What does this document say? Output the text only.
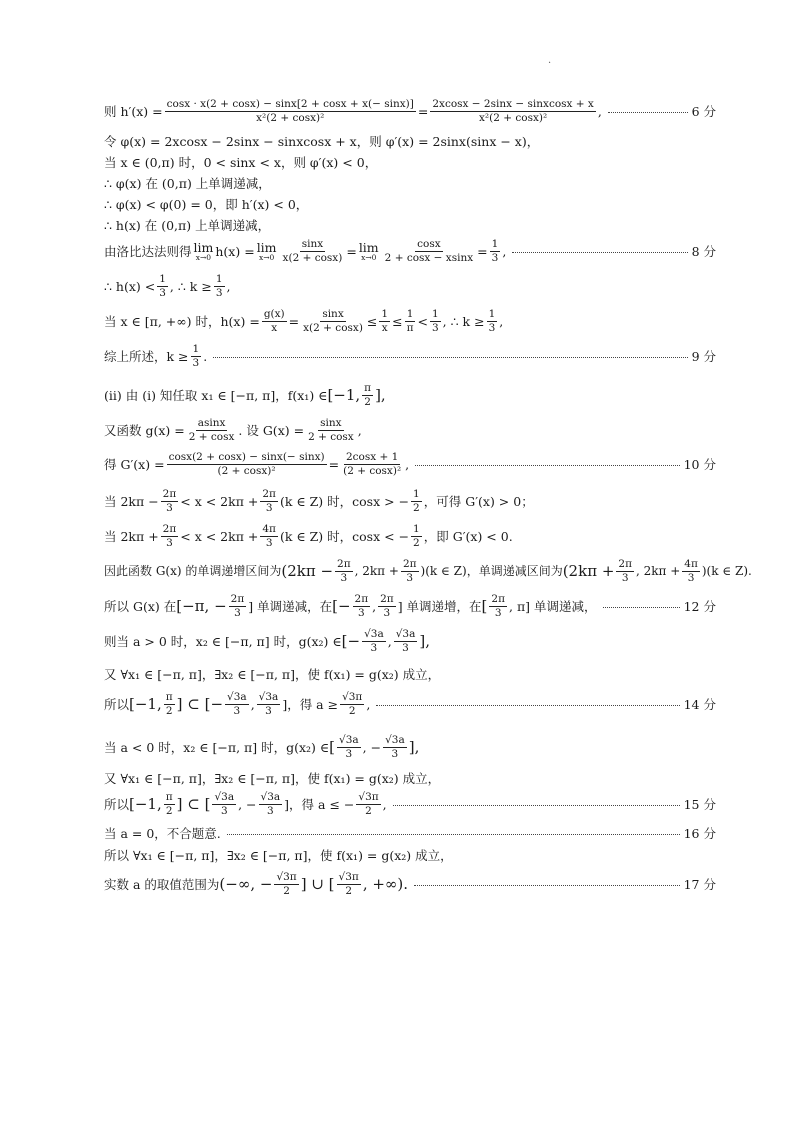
·
则 $h'(x) = \frac{\cos x \cdot x(2 + \cos x) - \sin x[2 + \cos x + x(- \sin x)]}{\text{x²(2 + cosx)²}} = \frac{\text{2xcosx − 2sinx − sinxcosx + x}}{\text{x²(2 + cosx)²}}$ ,	6 分
令 φ(x) = 2xcosx − 2sinx − sinxcosx + x，则 φ′(x) = 2sinx(sinx − x)，
当 x ∈ (0,π) 时，0 < sinx < x，则 φ′(x) < 0，
∴ φ(x) 在 (0,π) 上单调递减，
∴ φ(x) < φ(0) = 0，即 h′(x) < 0，
∴ h(x) 在 (0,π) 上单调递减，
由洛比达法则得 lim
x→0 h(x) = lim
$x\to 0 \frac{\sin x}{x(2 + \cos x)} = \lim$
$x\to 0 \frac{\cos x}{2 + \cos x - xsinx} = \frac{1}{3}$ ,	8 分
∴ $h(x) < \frac{1}{3}$ , ∴ $k \ge \frac{1}{3}$ ,
当 x ∈ [π, +∞) 时，$h(x) = \frac{g(x)}{x} = \frac{\sin x}{x(2 + \cos x)} \le \frac{1}{x} \le \frac{1}{\pi} < \frac{1}{3}$ , ∴ $k \ge \frac{1}{3}$ ,
综上所述，$k \ge \frac{1}{3}$ .	9 分
(ⅱ) 由 (ⅰ) 知任取 x₁ ∈ [−π, π]，f(x₁) ∈ [−1, $\frac{\pi}{2}$ ],
又函数 $g(x) = \frac{asinx}{2 + \cos x}$ . 设 $G(x) = \frac{\sin x}{2 + \cos x}$ ,
得 $G'(x) = \frac{\cos x(2 + \cos x) - \sin x(- \sin x)}{\text{(2 + cosx)²}} = \frac{2\cos x + 1}{\text{(2 + cosx)²}}$ ,	10 分
当 $2k\pi - \frac{2\pi}{3} < x < 2k\pi + \frac{2\pi}{3} (k$ ∈ Z) 时，cosx > − $\frac{1}{2}$ ，可得 G′(x) > 0；
当 $2k\pi + \frac{2\pi}{3} < x < 2k\pi + \frac{4\pi}{3} (k$ ∈ Z) 时，cosx < − $\frac{1}{2}$ ，即 G′(x) < 0.
因此函数 G(x) 的单调递增区间为 ($2k\pi - \frac{2\pi}{3}$ , $2k\pi + \frac{2\pi}{3} )(k$ ∈ Z)，单调递减区间为 ($2k\pi + \frac{2\pi}{3}$ , $2k\pi + \frac{4\pi}{3} )(k$ ∈ Z).
所以 G(x) 在 [−π, − $\frac{2\pi}{3}$ ] 单调递减，在 [− $\frac{2\pi}{3}$ , $\frac{2\pi}{3}$ ] 单调递增，在 [ $\frac{2\pi}{3}$ , π] 单调递减，	12 分
则当 a > 0 时，x₂ ∈ [−π, π] 时，g(x₂) ∈ [− $\frac{√3a}{3}$ , $\frac{√3a}{3}$ ],
又 ∀x₁ ∈ [−π, π]，∃x₂ ∈ [−π, π]，使 f(x₁) = g(x₂) 成立，
所以 [−1, $\frac{\pi}{2}$ ] ⊂ [− $\frac{√3a}{3}$ , $\frac{√3a}{3}$ ]，得 $a \ge \frac{√3\pi}{2}$ ,	14 分
当 a < 0 时，x₂ ∈ [−π, π] 时，g(x₂) ∈ [ $\frac{√3a}{3}$ , − $\frac{√3a}{3}$ ],
又 ∀x₁ ∈ [−π, π]，∃x₂ ∈ [−π, π]，使 f(x₁) = g(x₂) 成立，
所以 [−1, $\frac{\pi}{2}$ ] ⊂ [ $\frac{√3a}{3}$ , − $\frac{√3a}{3}$ ]，得 a ≤ − $\frac{√3\pi}{2}$ ,	15 分
当 a = 0，不合题意.	16 分
所以 ∀x₁ ∈ [−π, π]，∃x₂ ∈ [−π, π]，使 f(x₁) = g(x₂) 成立，
实数 a 的取值范围为 (−∞, − $\frac{√3\pi}{2}$ ] ∪ [ $\frac{√3\pi}{2}$ , +∞).	17 分
